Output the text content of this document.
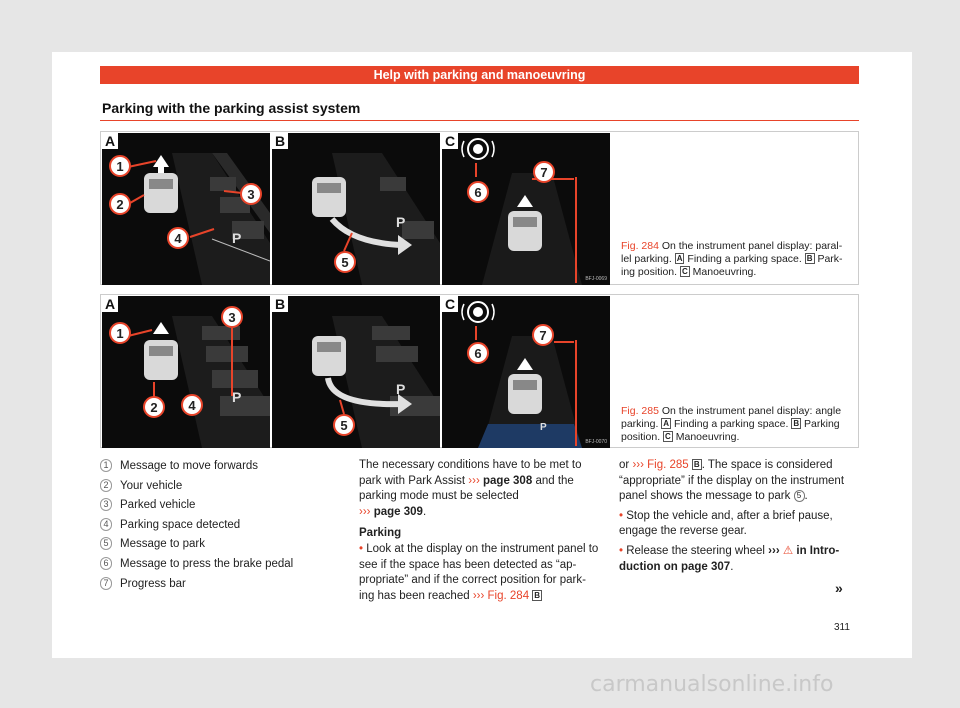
Help with parking and manoeuvring
Parking with the parking assist system
P
A
P
B	C
BFJ-0069
1
2
3
4
5
6
7
Fig. 284 On the instrument panel display: paral- lel parking. A Finding a parking space. B Park- ing position. C Manoeuvring.
P
A
P
B
P
C
BFJ-0070
1
2
3
4
5
6
7
Fig. 285 On the instrument panel display: angle parking. A Finding a parking space. B Parking position. C Manoeuvring.
1	Message to move forwards
2	Your vehicle
3	Parked vehicle
4	Parking space detected
5	Message to park
6	Message to press the brake pedal
7	Progress bar

The necessary conditions have to be met to park with Park Assist ››› page 308 and the parking mode must be selected
››› page 309.

Parking

• Look at the display on the instrument panel to see if the space has been detected as “ap- propriate” and if the correct position for park- ing has been reached ››› Fig. 284 B

or ››› Fig. 285 B . The space is considered “appropriate” if the display on the instrument panel shows the message to park 5 .

• Stop the vehicle and, after a brief pause, engage the reverse gear.

• Release the steering wheel ››› ⚠ in Intro- duction on page 307.

»
311
carmanualsonline.info
